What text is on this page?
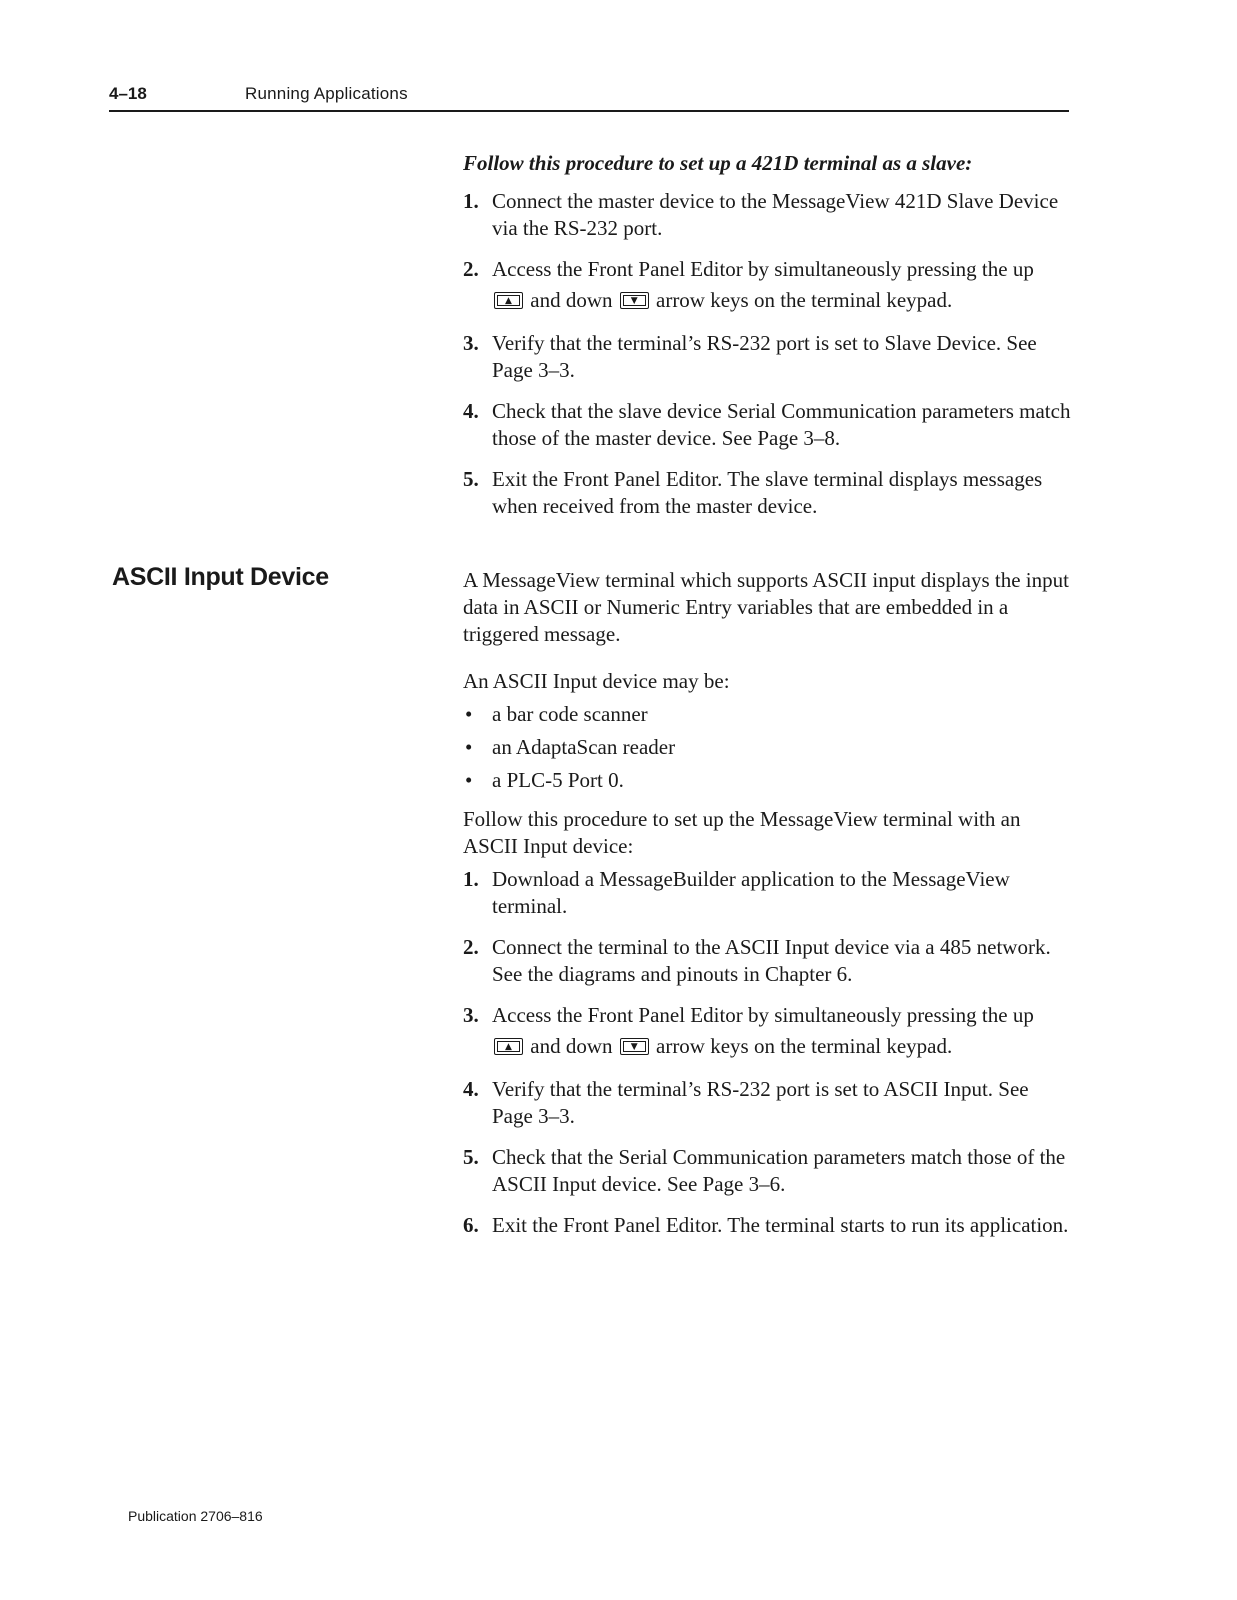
4–18	Running Applications
Follow this procedure to set up a 421D terminal as a slave:
1. Connect the master device to the MessageView 421D Slave Device via the RS-232 port.
2. Access the Front Panel Editor by simultaneously pressing the up

▲ and down	▼ arrow keys on the terminal keypad.
3. Verify that the terminal’s RS-232 port is set to Slave Device. See Page 3–3.
4. Check that the slave device Serial Communication parameters match those of the master device. See Page 3–8.
5. Exit the Front Panel Editor. The slave terminal displays messages when received from the master device.
ASCII Input Device	A MessageView terminal which supports ASCII input displays the input data in ASCII or Numeric Entry variables that are embedded in a triggered message.

An ASCII Input device may be:

• a bar code scanner
• an AdaptaScan reader
• a PLC-5 Port 0.

Follow this procedure to set up the MessageView terminal with an ASCII Input device:

1. Download a MessageBuilder application to the MessageView terminal.
2. Connect the terminal to the ASCII Input device via a 485 network. See the diagrams and pinouts in Chapter 6.
3. Access the Front Panel Editor by simultaneously pressing the up

▲ and down	▼ arrow keys on the terminal keypad.
4. Verify that the terminal’s RS-232 port is set to ASCII Input. See Page 3–3.
5. Check that the Serial Communication parameters match those of the ASCII Input device. See Page 3–6.
6. Exit the Front Panel Editor. The terminal starts to run its application.
Publication 2706–816
